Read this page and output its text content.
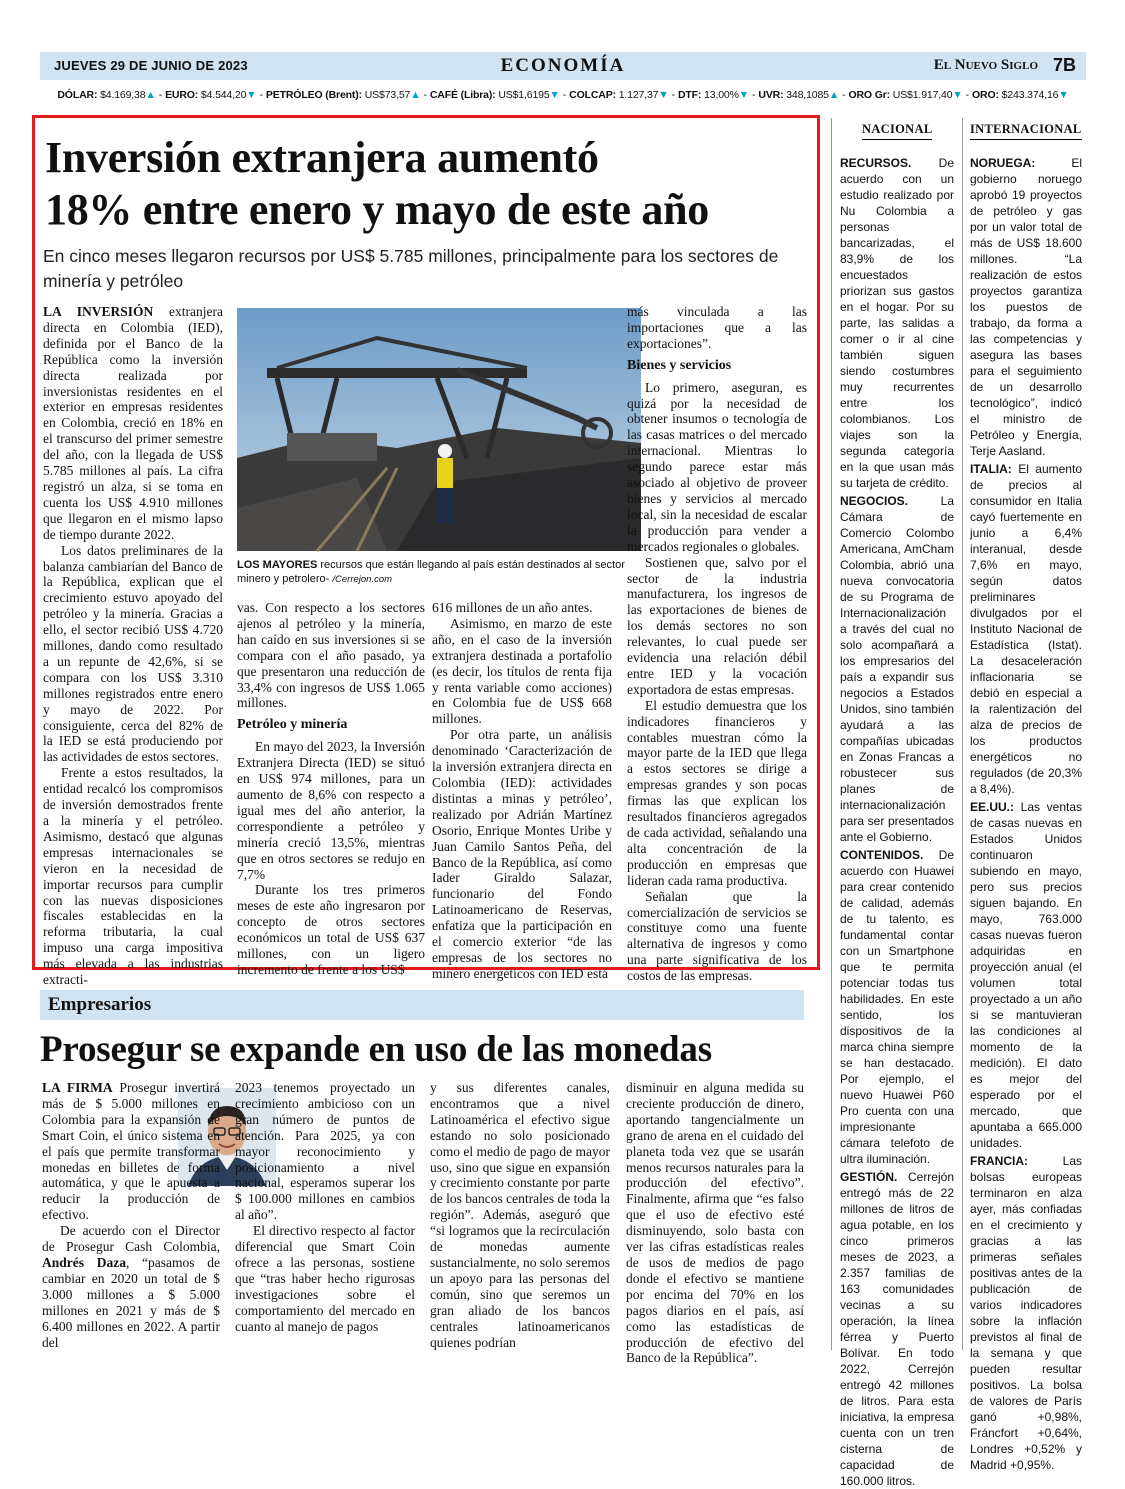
JUEVES 29 DE JUNIO DE 2023	ECONOMÍA	El Nuevo Siglo 7B
DÓLAR: $4.169,38▲ - EURO: $4.544,20▼ - PETRÓLEO (Brent): US$73,57▲ - CAFÉ (Libra): US$1,6195▼ - COLCAP: 1.127,37▼ - DTF: 13,00%▼ - UVR: 348,1085▲ - ORO Gr: US$1.917,40▼ - ORO: $243.374,16▼
Inversión extranjera aumentó
18% entre enero y mayo de este año
En cinco meses llegaron recursos por US$ 5.785 millones, principalmente para los sectores de minería y petróleo

LA INVERSIÓN extranjera directa en Colombia (IED), definida por el Banco de la República como la inversión directa realizada por inversionistas residentes en el exterior en empresas residentes en Colombia, creció en 18% en el transcurso del primer semestre del año, con la llegada de US$ 5.785 millones al país. La cifra registró un alza, si se toma en cuenta los US$ 4.910 millones que llegaron en el mismo lapso de tiempo durante 2022.

Los datos preliminares de la balanza cambiarían del Banco de la República, explican que el crecimiento estuvo apoyado del petróleo y la minería. Gracias a ello, el sector recibió US$ 4.720 millones, dando como resultado a un repunte de 42,6%, si se compara con los US$ 3.310 millones registrados entre enero y mayo de 2022. Por consiguiente, cerca del 82% de la IED se está produciendo por las actividades de estos sectores.

Frente a estos resultados, la entidad recalcó los compromisos de inversión demostrados frente a la minería y el petróleo. Asimismo, destacó que algunas empresas internacionales se vieron en la necesidad de importar recursos para cumplir con las nuevas disposiciones fiscales establecidas en la reforma tributaria, la cual impuso una carga impositiva más elevada a las industrias extracti-

LOS MAYORES recursos que están llegando al país están destinados al sector minero y petrolero- /Cerrejon.com

vas. Con respecto a los sectores ajenos al petróleo y la minería, han caído en sus inversiones si se compara con el año pasado, ya que presentaron una reducción de 33,4% con ingresos de US$ 1.065 millones.

Petróleo y minería

En mayo del 2023, la Inversión Extranjera Directa (IED) se situó en US$ 974 millones, para un aumento de 8,6% con respecto a igual mes del año anterior, la correspondiente a petróleo y minería creció 13,5%, mientras que en otros sectores se redujo en 7,7%

Durante los tres primeros meses de este año ingresaron por concepto de otros sectores económicos un total de US$ 637 millones, con un ligero incremento de frente a los US$

616 millones de un año antes.

Asimismo, en marzo de este año, en el caso de la inversión extranjera destinada a portafolio (es decir, los títulos de renta fija y renta variable como acciones) en Colombia fue de US$ 668 millones.

Por otra parte, un análisis denominado ‘Caracterización de la inversión extranjera directa en Colombia (IED): actividades distintas a minas y petróleo’, realizado por Adrián Martínez Osorio, Enrique Montes Uribe y Juan Camilo Santos Peña, del Banco de la República, así como Iader Giraldo Salazar, funcionario del Fondo Latinoamericano de Reservas, enfatiza que la participación en el comercio exterior “de las empresas de los sectores no minero energéticos con IED está

más vinculada a las importaciones que a las exportaciones”.

Bienes y servicios

Lo primero, aseguran, es quizá por la necesidad de obtener insumos o tecnología de las casas matrices o del mercado internacional. Mientras lo segundo parece estar más asociado al objetivo de proveer bienes y servicios al mercado local, sin la necesidad de escalar la producción para vender a mercados regionales o globales.

Sostienen que, salvo por el sector de la industria manufacturera, los ingresos de las exportaciones de bienes de los demás sectores no son relevantes, lo cual puede ser evidencia una relación débil entre IED y la vocación exportadora de estas empresas.

El estudio demuestra que los indicadores financieros y contables muestran cómo la mayor parte de la IED que llega a estos sectores se dirige a empresas grandes y son pocas firmas las que explican los resultados financieros agregados de cada actividad, señalando una alta concentración de la producción en empresas que lideran cada rama productiva.

Señalan que la comercialización de servicios se constituye como una fuente alternativa de ingresos y como una parte significativa de los costos de las empresas.

Empresarios
Prosegur se expande en uso de las monedas

LA FIRMA Prosegur invertirá más de $ 5.000 millones en Colombia para la expansión de Smart Coin, el único sistema en el país que permite transformar monedas en billetes de forma automática, y que le apuesta a reducir la producción de efectivo.

De acuerdo con el Director de Prosegur Cash Colombia, Andrés Daza, “pasamos de cambiar en 2020 un total de $ 3.000 millones a $ 5.000 millones en 2021 y más de $ 6.400 millones en 2022. A partir del

2023 tenemos proyectado un crecimiento ambicioso con un gran número de puntos de atención. Para 2025, ya con mayor reconocimiento y posicionamiento a nivel nacional, esperamos superar los $ 100.000 millones en cambios al año”.

El directivo respecto al factor diferencial que Smart Coin ofrece a las personas, sostiene que “tras haber hecho rigurosas investigaciones sobre el comportamiento del mercado en cuanto al manejo de pagos

y sus diferentes canales, encontramos que a nivel Latinoamérica el efectivo sigue estando no solo posicionado como el medio de pago de mayor uso, sino que sigue en expansión y crecimiento constante por parte de los bancos centrales de toda la región”. Además, aseguró que “si logramos que la recirculación de monedas aumente sustancialmente, no solo seremos un apoyo para las personas del común, sino que seremos un gran aliado de los bancos centrales latinoamericanos quienes podrían

disminuir en alguna medida su creciente producción de dinero, aportando tangencialmente un grano de arena en el cuidado del planeta toda vez que se usarán menos recursos naturales para la producción del efectivo”. Finalmente, afirma que “es falso que el uso de efectivo esté disminuyendo, solo basta con ver las cifras estadísticas reales de usos de medios de pago donde el efectivo se mantiene por encima del 70% en los pagos diarios en el país, así como las estadísticas de producción de efectivo del Banco de la República”.

NACIONAL	INTERNACIONAL

RECURSOS. De acuerdo con un estudio realizado por Nu Colombia a personas bancarizadas, el 83,9% de los encuestados priorizan sus gastos en el hogar. Por su parte, las salidas a comer o ir al cine también siguen siendo costumbres muy recurrentes entre los colombianos. Los viajes son la segunda categoría en la que usan más su tarjeta de crédito.

NEGOCIOS. La Cámara de Comercio Colombo Americana, AmCham Colombia, abrió una nueva convocatoria de su Programa de Internacionalización a través del cual no solo acompañará a los empresarios del país a expandir sus negocios a Estados Unidos, sino también ayudará a las compañías ubicadas en Zonas Francas a robustecer sus planes de internacionalización para ser presentados ante el Gobierno.

CONTENIDOS. De acuerdo con Huawei para crear contenido de calidad, además de tu talento, es fundamental contar con un Smartphone que te permita potenciar todas tus habilidades. En este sentido, los dispositivos de la marca china siempre se han destacado. Por ejemplo, el nuevo Huawei P60 Pro cuenta con una impresionante cámara telefoto de ultra iluminación.

GESTIÓN. Cerrejón entregó más de 22 millones de litros de agua potable, en los cinco primeros meses de 2023, a 2.357 familias de 163 comunidades vecinas a su operación, la línea férrea y Puerto Bolívar. En todo 2022, Cerrejón entregó 42 millones de litros. Para esta iniciativa, la empresa cuenta con un tren cisterna de capacidad de 160.000 litros.

NORUEGA: El gobierno noruego aprobó 19 proyectos de petróleo y gas por un valor total de más de US$ 18.600 millones. “La realización de estos proyectos garantiza los puestos de trabajo, da forma a las competencias y asegura las bases para el seguimiento de un desarrollo tecnológico”, indicó el ministro de Petróleo y Energía, Terje Aasland.

ITALIA: El aumento de precios al consumidor en Italia cayó fuertemente en junio a 6,4% interanual, desde 7,6% en mayo, según datos preliminares divulgados por el Instituto Nacional de Estadística (Istat). La desaceleración inflacionaria se debió en especial a la ralentización del alza de precios de los productos energéticos no regulados (de 20,3% a 8,4%).

EE.UU.: Las ventas de casas nuevas en Estados Unidos continuaron subiendo en mayo, pero sus precios siguen bajando. En mayo, 763.000 casas nuevas fueron adquiridas en proyección anual (el volumen total proyectado a un año si se mantuvieran las condiciones al momento de la medición). El dato es mejor del esperado por el mercado, que apuntaba a 665.000 unidades.

FRANCIA: Las bolsas europeas terminaron en alza ayer, más confiadas en el crecimiento y gracias a las primeras señales positivas antes de la publicación de varios indicadores sobre la inflación previstos al final de la semana y que pueden resultar positivos. La bolsa de valores de París ganó +0,98%, Fráncfort +0,64%, Londres +0,52% y Madrid +0,95%.
